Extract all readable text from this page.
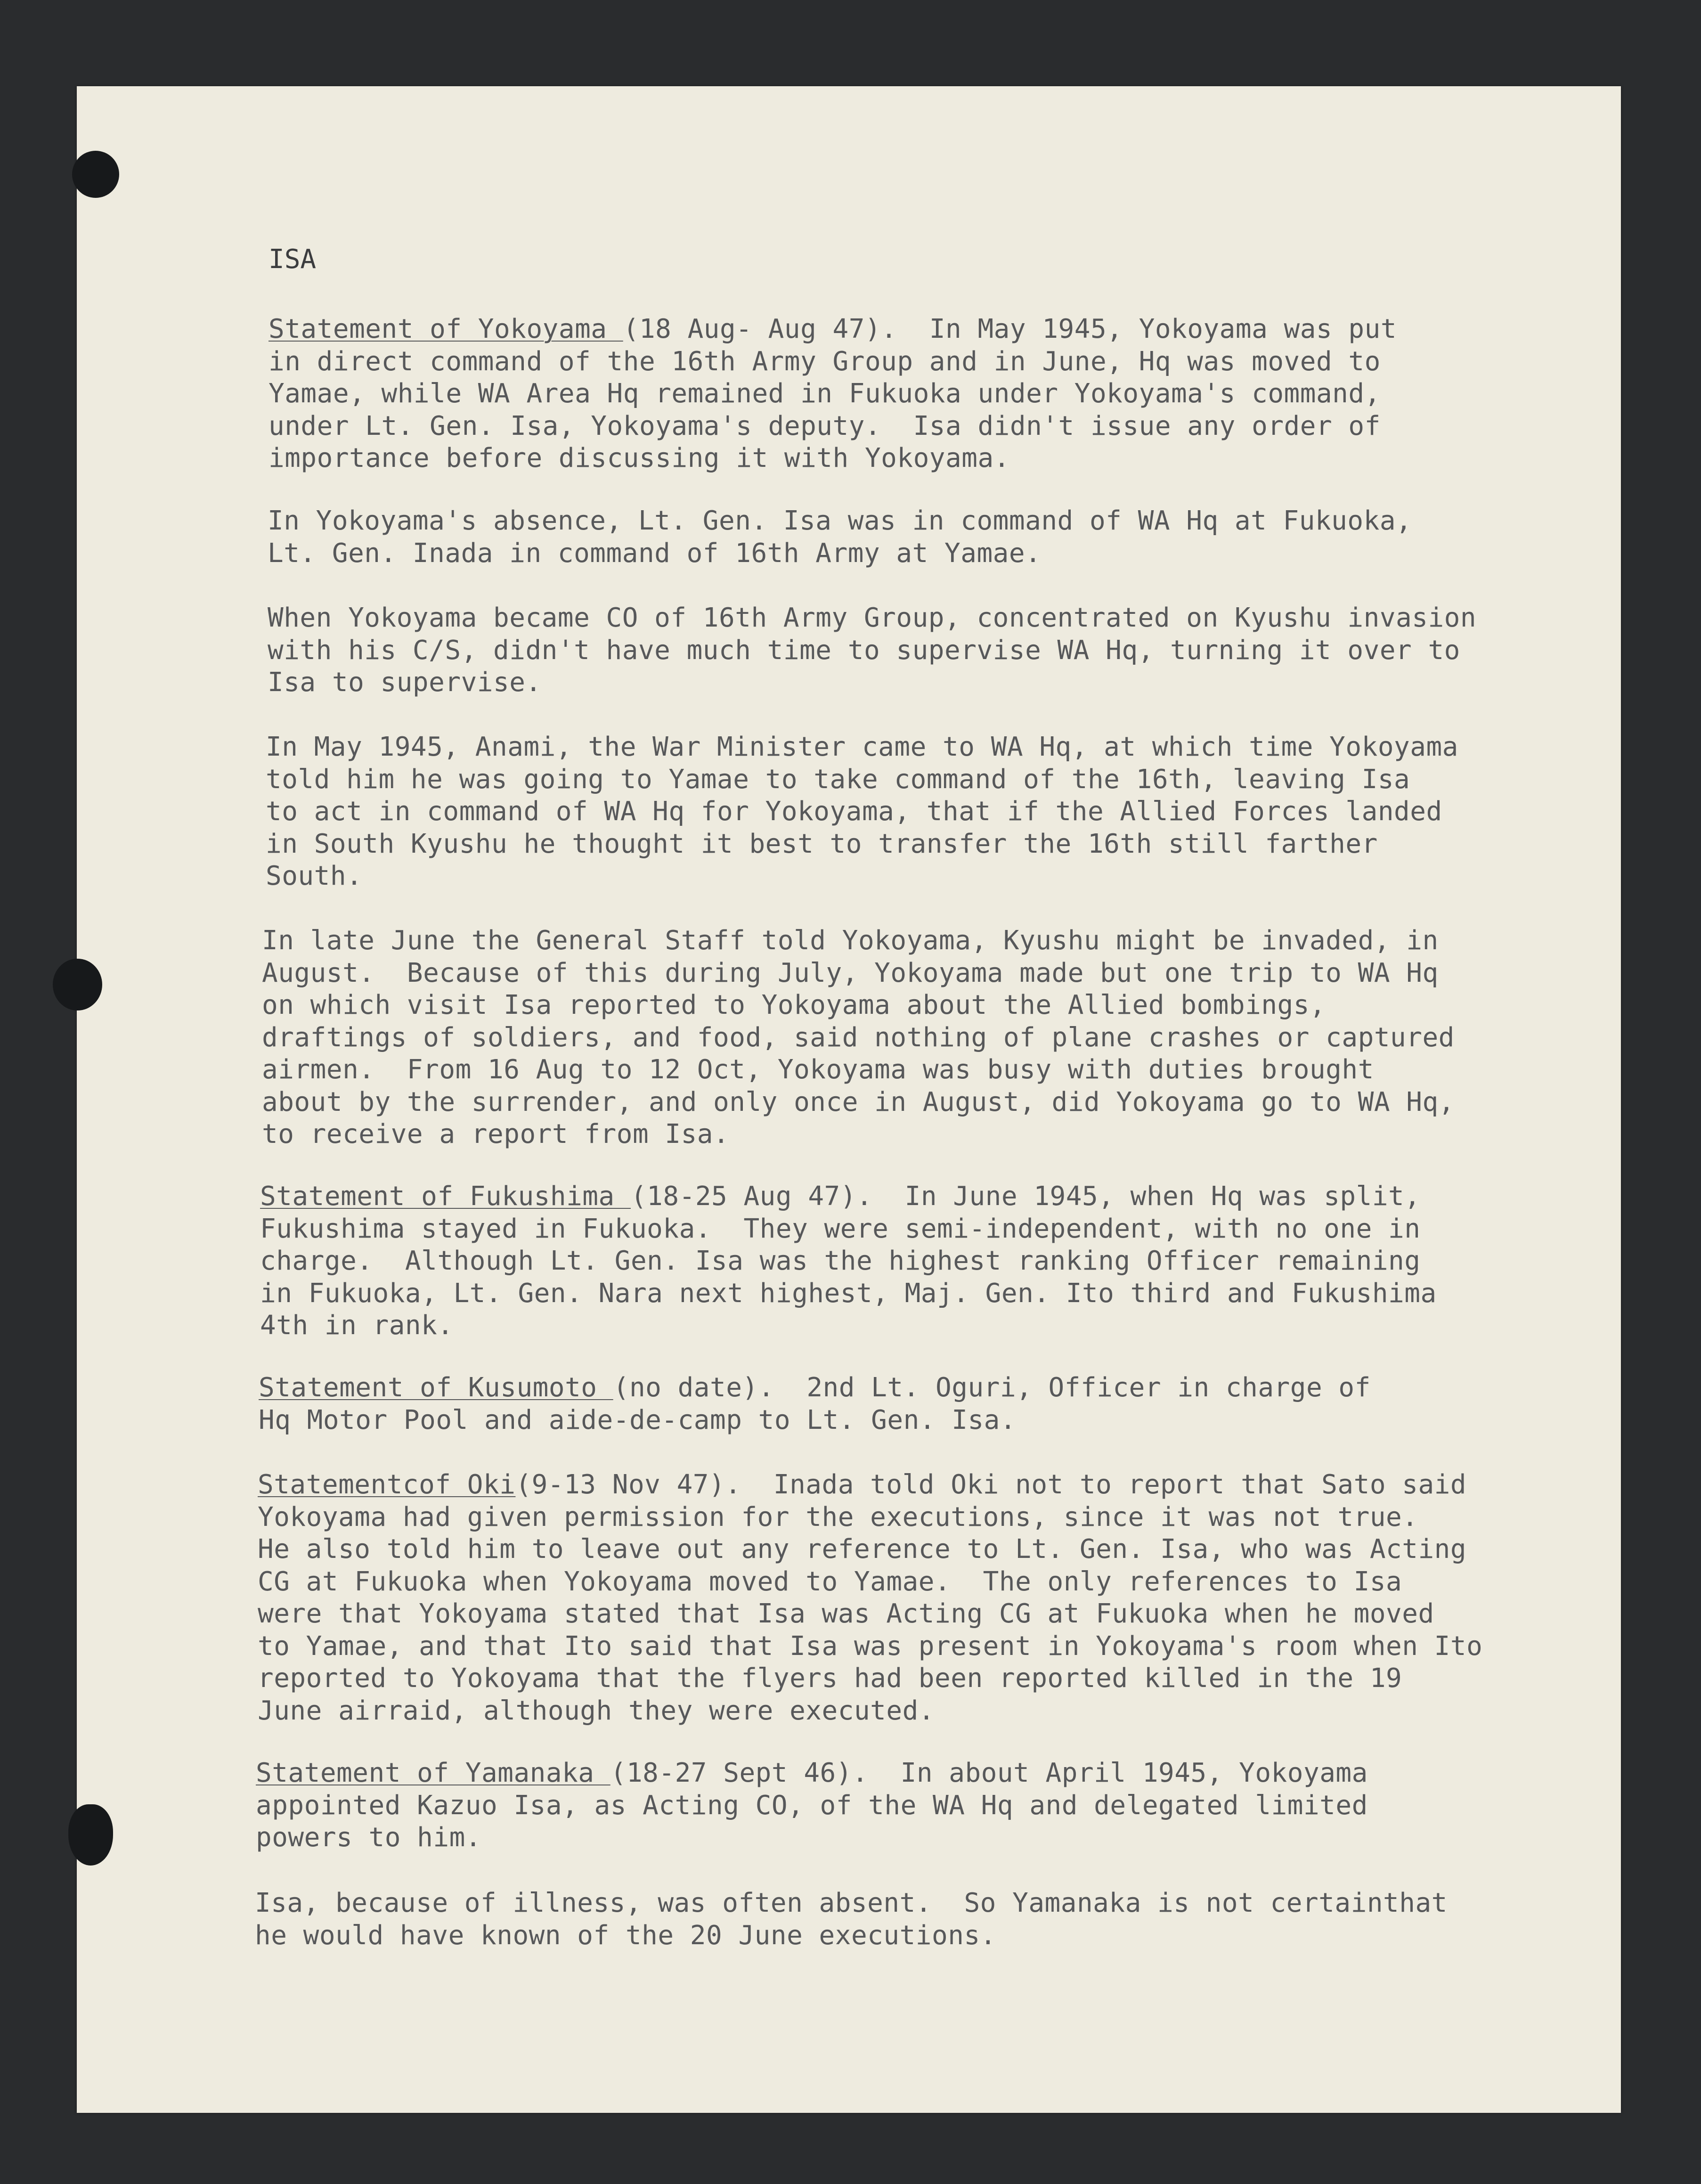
ISA

Statement of Yokoyama (18 Aug- Aug 47).  In May 1945, Yokoyama was put
in direct command of the 16th Army Group and in June, Hq was moved to
Yamae, while WA Area Hq remained in Fukuoka under Yokoyama's command,
under Lt. Gen. Isa, Yokoyama's deputy.  Isa didn't issue any order of
importance before discussing it with Yokoyama.

In Yokoyama's absence, Lt. Gen. Isa was in command of WA Hq at Fukuoka,
Lt. Gen. Inada in command of 16th Army at Yamae.

When Yokoyama became CO of 16th Army Group, concentrated on Kyushu invasion
with his C/S, didn't have much time to supervise WA Hq, turning it over to
Isa to supervise.

In May 1945, Anami, the War Minister came to WA Hq, at which time Yokoyama
told him he was going to Yamae to take command of the 16th, leaving Isa
to act in command of WA Hq for Yokoyama, that if the Allied Forces landed
in South Kyushu he thought it best to transfer the 16th still farther
South.

In late June the General Staff told Yokoyama, Kyushu might be invaded, in
August.  Because of this during July, Yokoyama made but one trip to WA Hq
on which visit Isa reported to Yokoyama about the Allied bombings,
draftings of soldiers, and food, said nothing of plane crashes or captured
airmen.  From 16 Aug to 12 Oct, Yokoyama was busy with duties brought
about by the surrender, and only once in August, did Yokoyama go to WA Hq,
to receive a report from Isa.

Statement of Fukushima (18-25 Aug 47).  In June 1945, when Hq was split,
Fukushima stayed in Fukuoka.  They were semi-independent, with no one in
charge.  Although Lt. Gen. Isa was the highest ranking Officer remaining
in Fukuoka, Lt. Gen. Nara next highest, Maj. Gen. Ito third and Fukushima
4th in rank.

Statement of Kusumoto (no date).  2nd Lt. Oguri, Officer in charge of
Hq Motor Pool and aide-de-camp to Lt. Gen. Isa.

Statementcof Oki(9-13 Nov 47).  Inada told Oki not to report that Sato said
Yokoyama had given permission for the executions, since it was not true.
He also told him to leave out any reference to Lt. Gen. Isa, who was Acting
CG at Fukuoka when Yokoyama moved to Yamae.  The only references to Isa
were that Yokoyama stated that Isa was Acting CG at Fukuoka when he moved
to Yamae, and that Ito said that Isa was present in Yokoyama's room when Ito
reported to Yokoyama that the flyers had been reported killed in the 19
June airraid, although they were executed.

Statement of Yamanaka (18-27 Sept 46).  In about April 1945, Yokoyama
appointed Kazuo Isa, as Acting CO, of the WA Hq and delegated limited
powers to him.

Isa, because of illness, was often absent.  So Yamanaka is not certainthat
he would have known of the 20 June executions.
